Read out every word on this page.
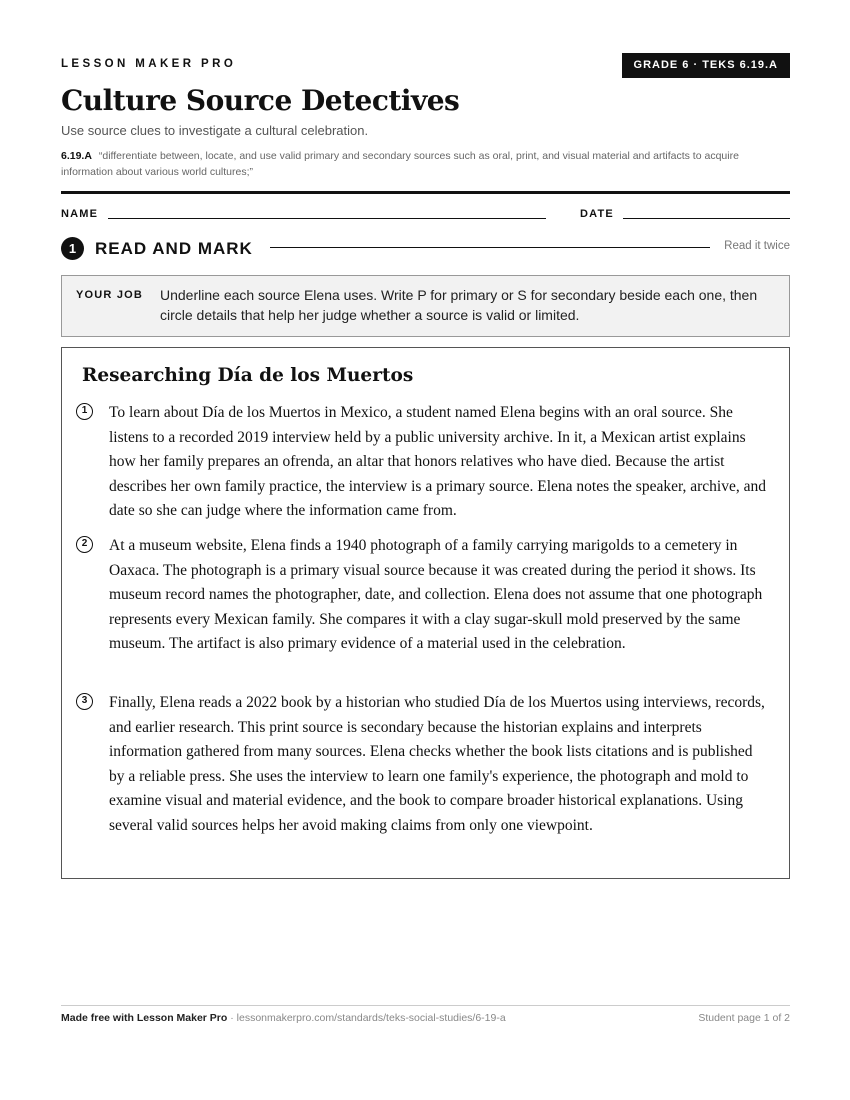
LESSON MAKER PRO	GRADE 6 · TEKS 6.19.A
Culture Source Detectives
Use source clues to investigate a cultural celebration.
6.19.A “differentiate between, locate, and use valid primary and secondary sources such as oral, print, and visual material and artifacts to acquire information about various world cultures;”
NAME	DATE
1	READ AND MARK	Read it twice
YOUR JOB Underline each source Elena uses. Write P for primary or S for secondary beside each one, then circle details that help her judge whether a source is valid or limited.
Researching Día de los Muertos
1	To learn about Día de los Muertos in Mexico, a student named Elena begins with an oral source. She listens to a recorded 2019 interview held by a public university archive. In it, a Mexican artist explains how her family prepares an ofrenda, an altar that honors relatives who have died. Because the artist describes her own family practice, the interview is a primary source. Elena notes the speaker, archive, and date so she can judge where the information came from.
2	At a museum website, Elena finds a 1940 photograph of a family carrying marigolds to a cemetery in Oaxaca. The photograph is a primary visual source because it was created during the period it shows. Its museum record names the photographer, date, and collection. Elena does not assume that one photograph represents every Mexican family. She compares it with a clay sugar-skull mold preserved by the same museum. The artifact is also primary evidence of a material used in the celebration.
3	Finally, Elena reads a 2022 book by a historian who studied Día de los Muertos using interviews, records, and earlier research. This print source is secondary because the historian explains and interprets information gathered from many sources. Elena checks whether the book lists citations and is published by a reliable press. She uses the interview to learn one family's experience, the photograph and mold to examine visual and material evidence, and the book to compare broader historical explanations. Using several valid sources helps her avoid making claims from only one viewpoint.
Made free with Lesson Maker Pro · lessonmakerpro.com/standards/teks-social-studies/6-19-a	Student page 1 of 2
